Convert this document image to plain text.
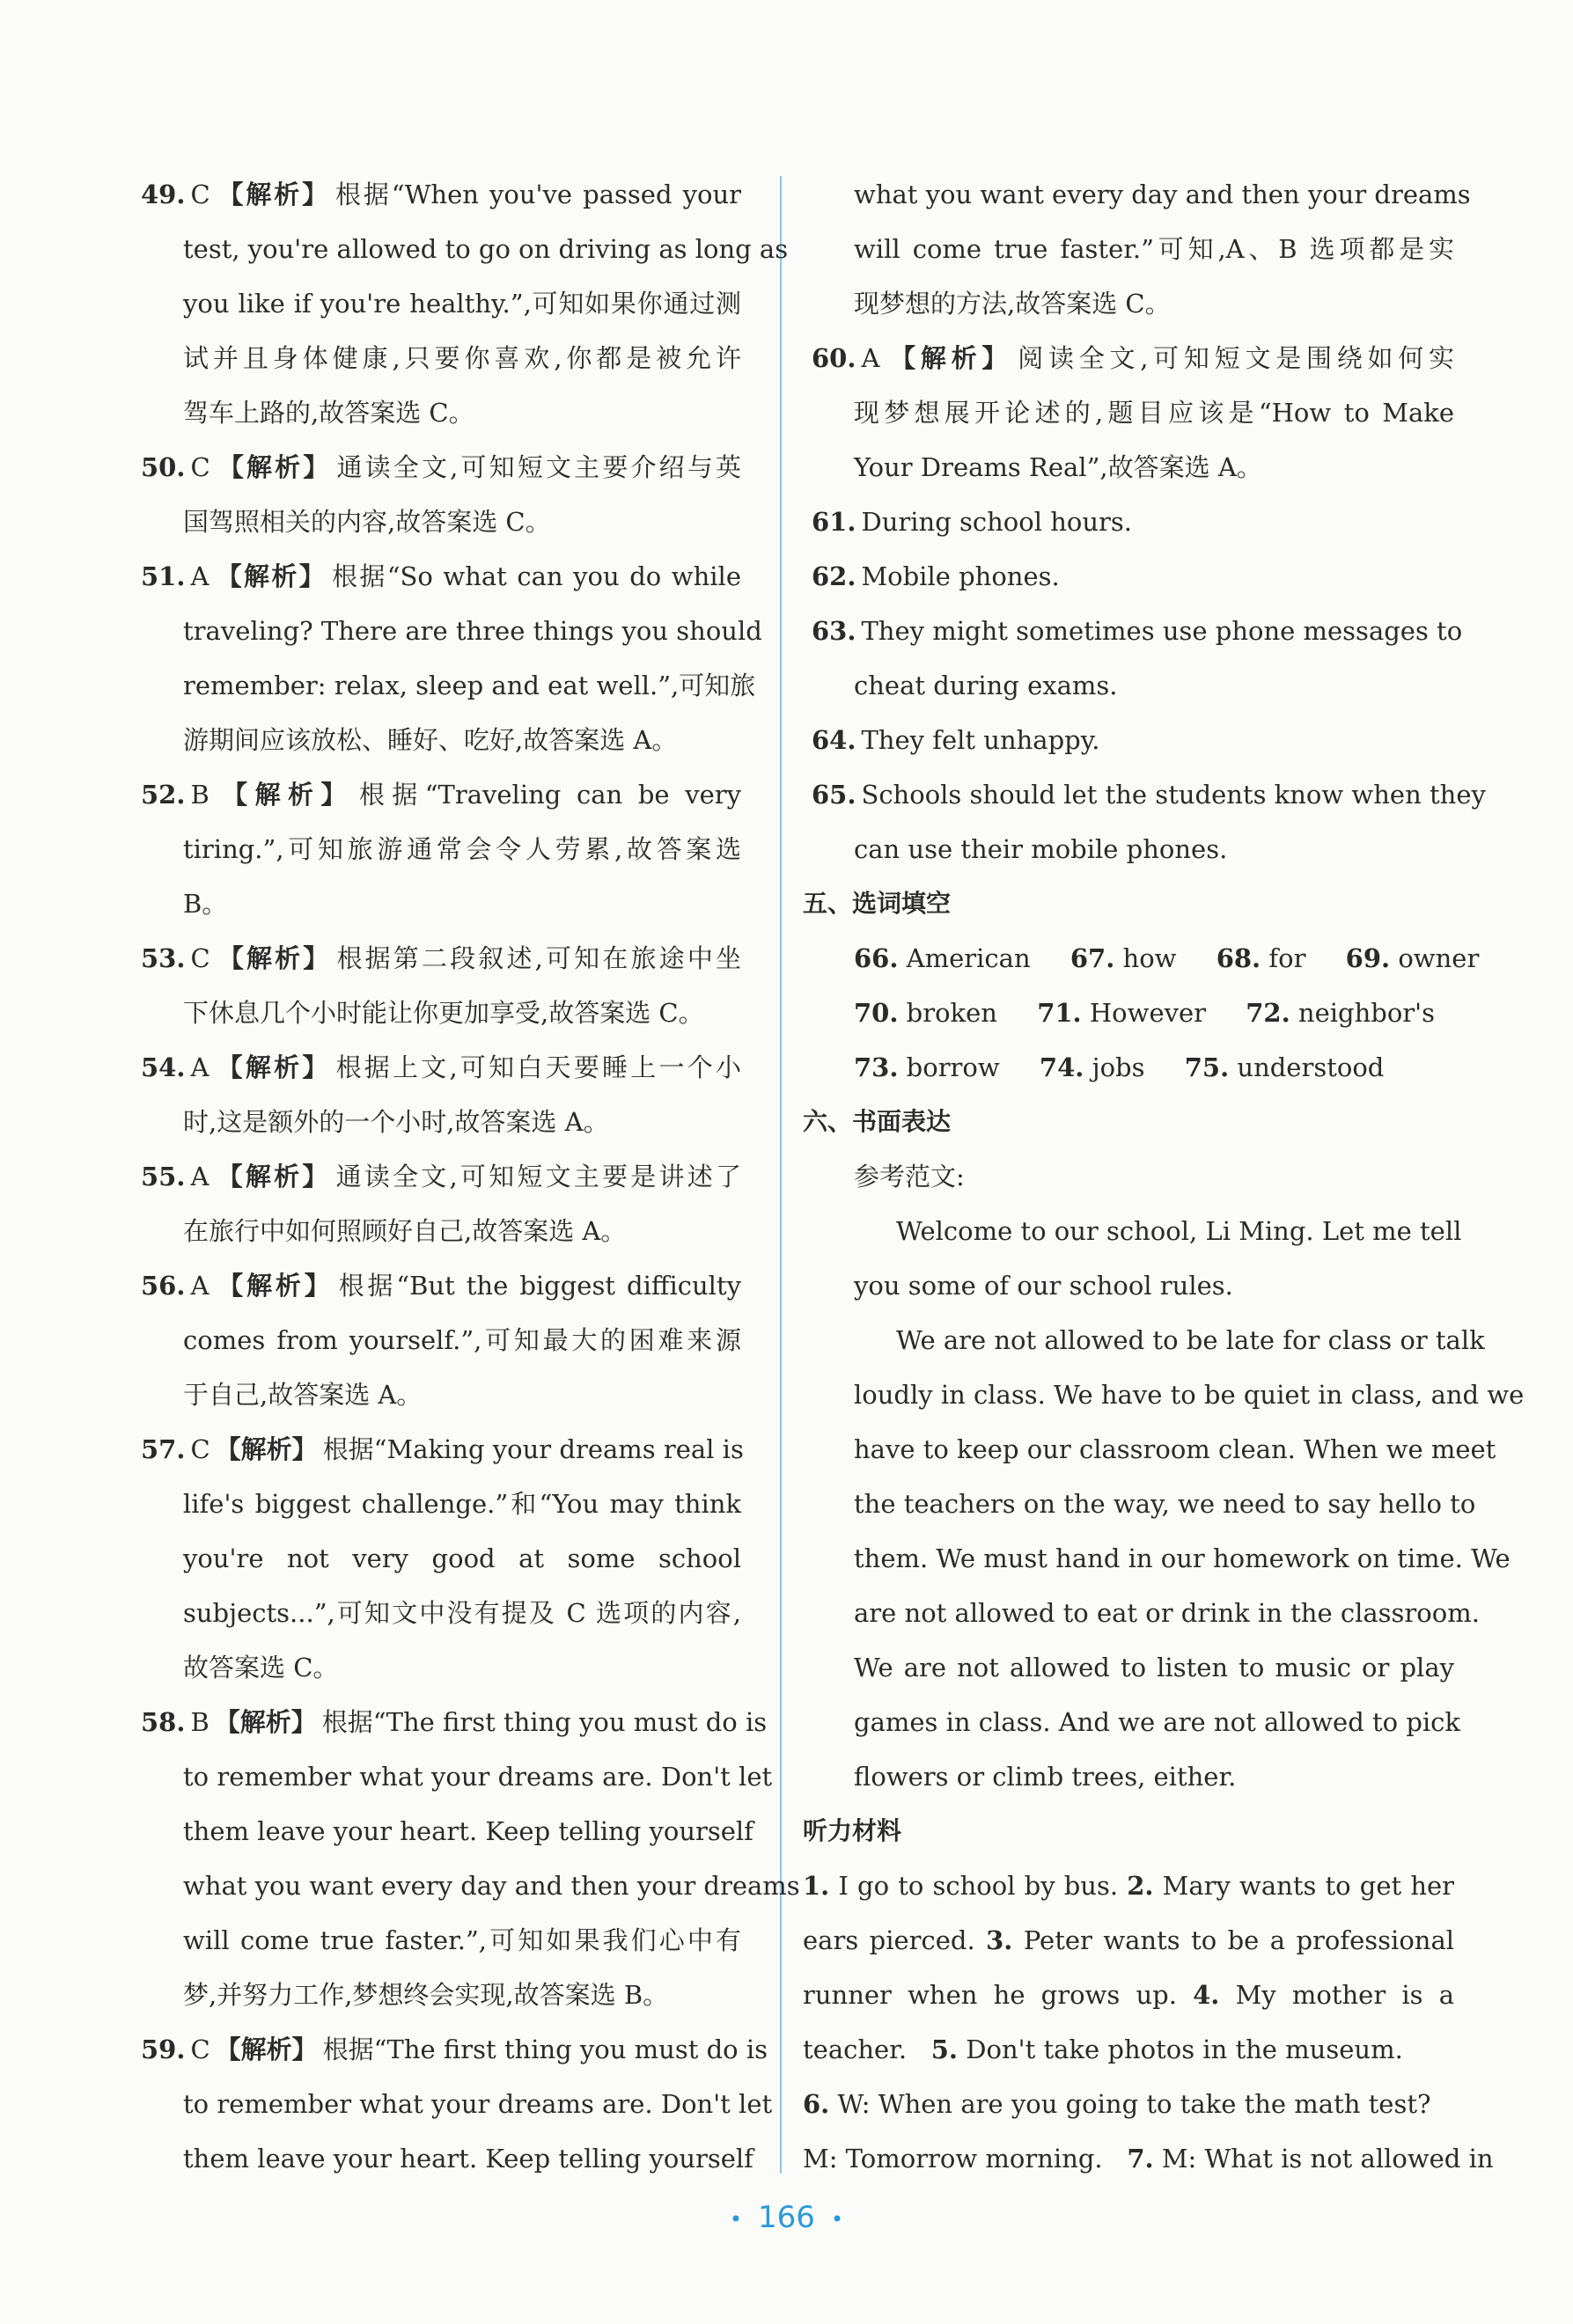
49. C 【解析】 根据“When you've passed your
test, you're allowed to go on driving as long as
you like if you're healthy.”,可知如果你通过测
试并且身体健康,只要你喜欢,你都是被允许
驾车上路的,故答案选 C。
50. C 【解析】 通读全文,可知短文主要介绍与英
国驾照相关的内容,故答案选 C。
51. A 【解析】 根据“So what can you do while
traveling? There are three things you should
remember: relax, sleep and eat well.”,可知旅
游期间应该放松、睡好、吃好,故答案选 A。
52. B 【解析】 根据“Traveling can be very
tiring.”,可知旅游通常会令人劳累,故答案选
B。
53. C 【解析】 根据第二段叙述,可知在旅途中坐
下休息几个小时能让你更加享受,故答案选 C。
54. A 【解析】 根据上文,可知白天要睡上一个小
时,这是额外的一个小时,故答案选 A。
55. A 【解析】 通读全文,可知短文主要是讲述了
在旅行中如何照顾好自己,故答案选 A。
56. A 【解析】 根据“But the biggest difficulty
comes from yourself.”,可知最大的困难来源
于自己,故答案选 A。
57. C 【解析】 根据“Making your dreams real is
life's biggest challenge.”和“You may think
you're not very good at some school
subjects...”,可知文中没有提及 C 选项的内容,
故答案选 C。
58. B 【解析】 根据“The first thing you must do is
to remember what your dreams are. Don't let
them leave your heart. Keep telling yourself
what you want every day and then your dreams
will come true faster.”,可知如果我们心中有
梦,并努力工作,梦想终会实现,故答案选 B。
59. C 【解析】 根据“The first thing you must do is
to remember what your dreams are. Don't let
them leave your heart. Keep telling yourself
what you want every day and then your dreams
will come true faster.”可知,A、B 选项都是实
现梦想的方法,故答案选 C。
60. A 【解析】 阅读全文,可知短文是围绕如何实
现梦想展开论述的,题目应该是“How to Make
Your Dreams Real”,故答案选 A。
61. During school hours.
62. Mobile phones.
63. They might sometimes use phone messages to
cheat during exams.
64. They felt unhappy.
65. Schools should let the students know when they
can use their mobile phones.
五、选词填空
66. American 67. how 68. for 69. owner
70. broken 71. However 72. neighbor's
73. borrow 74. jobs 75. understood
六、书面表达
参考范文:
Welcome to our school, Li Ming. Let me tell
you some of our school rules.
We are not allowed to be late for class or talk
loudly in class. We have to be quiet in class, and we
have to keep our classroom clean. When we meet
the teachers on the way, we need to say hello to
them. We must hand in our homework on time. We
are not allowed to eat or drink in the classroom.
We are not allowed to listen to music or play
games in class. And we are not allowed to pick
flowers or climb trees, either.
听力材料
1. I go to school by bus. 2. Mary wants to get her
ears pierced. 3. Peter wants to be a professional
runner when he grows up. 4. My mother is a
teacher. 5. Don't take photos in the museum.
6. W: When are you going to take the math test?
M: Tomorrow morning. 7. M: What is not allowed in
• 166 •
